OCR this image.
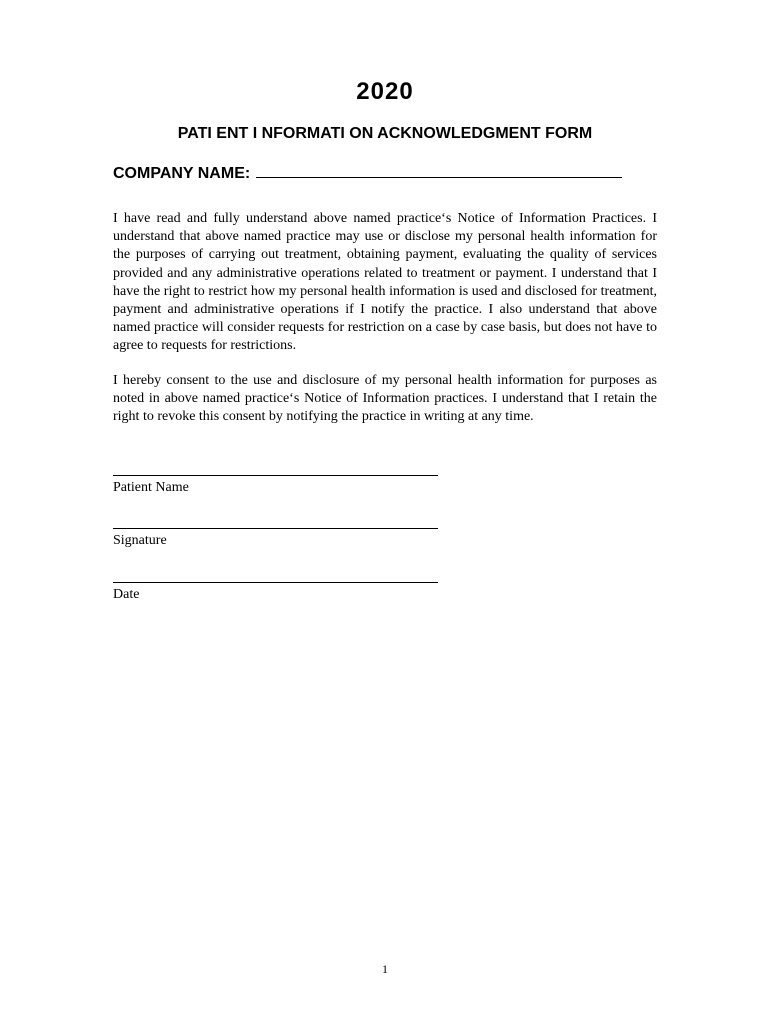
2020
PATI ENT I NFORMATI ON ACKNOWLEDGMENT FORM
COMPANY NAME:

I have read and fully understand above named practice‘s Notice of Information Practices. I understand that above named practice may use or disclose my personal health information for the purposes of carrying out treatment, obtaining payment, evaluating the quality of services provided and any administrative operations related to treatment or payment. I understand that I have the right to restrict how my personal health information is used and disclosed for treatment, payment and administrative operations if I notify the practice. I also understand that above named practice will consider requests for restriction on a case by case basis, but does not have to agree to requests for restrictions.

I hereby consent to the use and disclosure of my personal health information for purposes as noted in above named practice‘s Notice of Information practices. I understand that I retain the right to revoke this consent by notifying the practice in writing at any time.

Patient Name
Signature
Date
1
